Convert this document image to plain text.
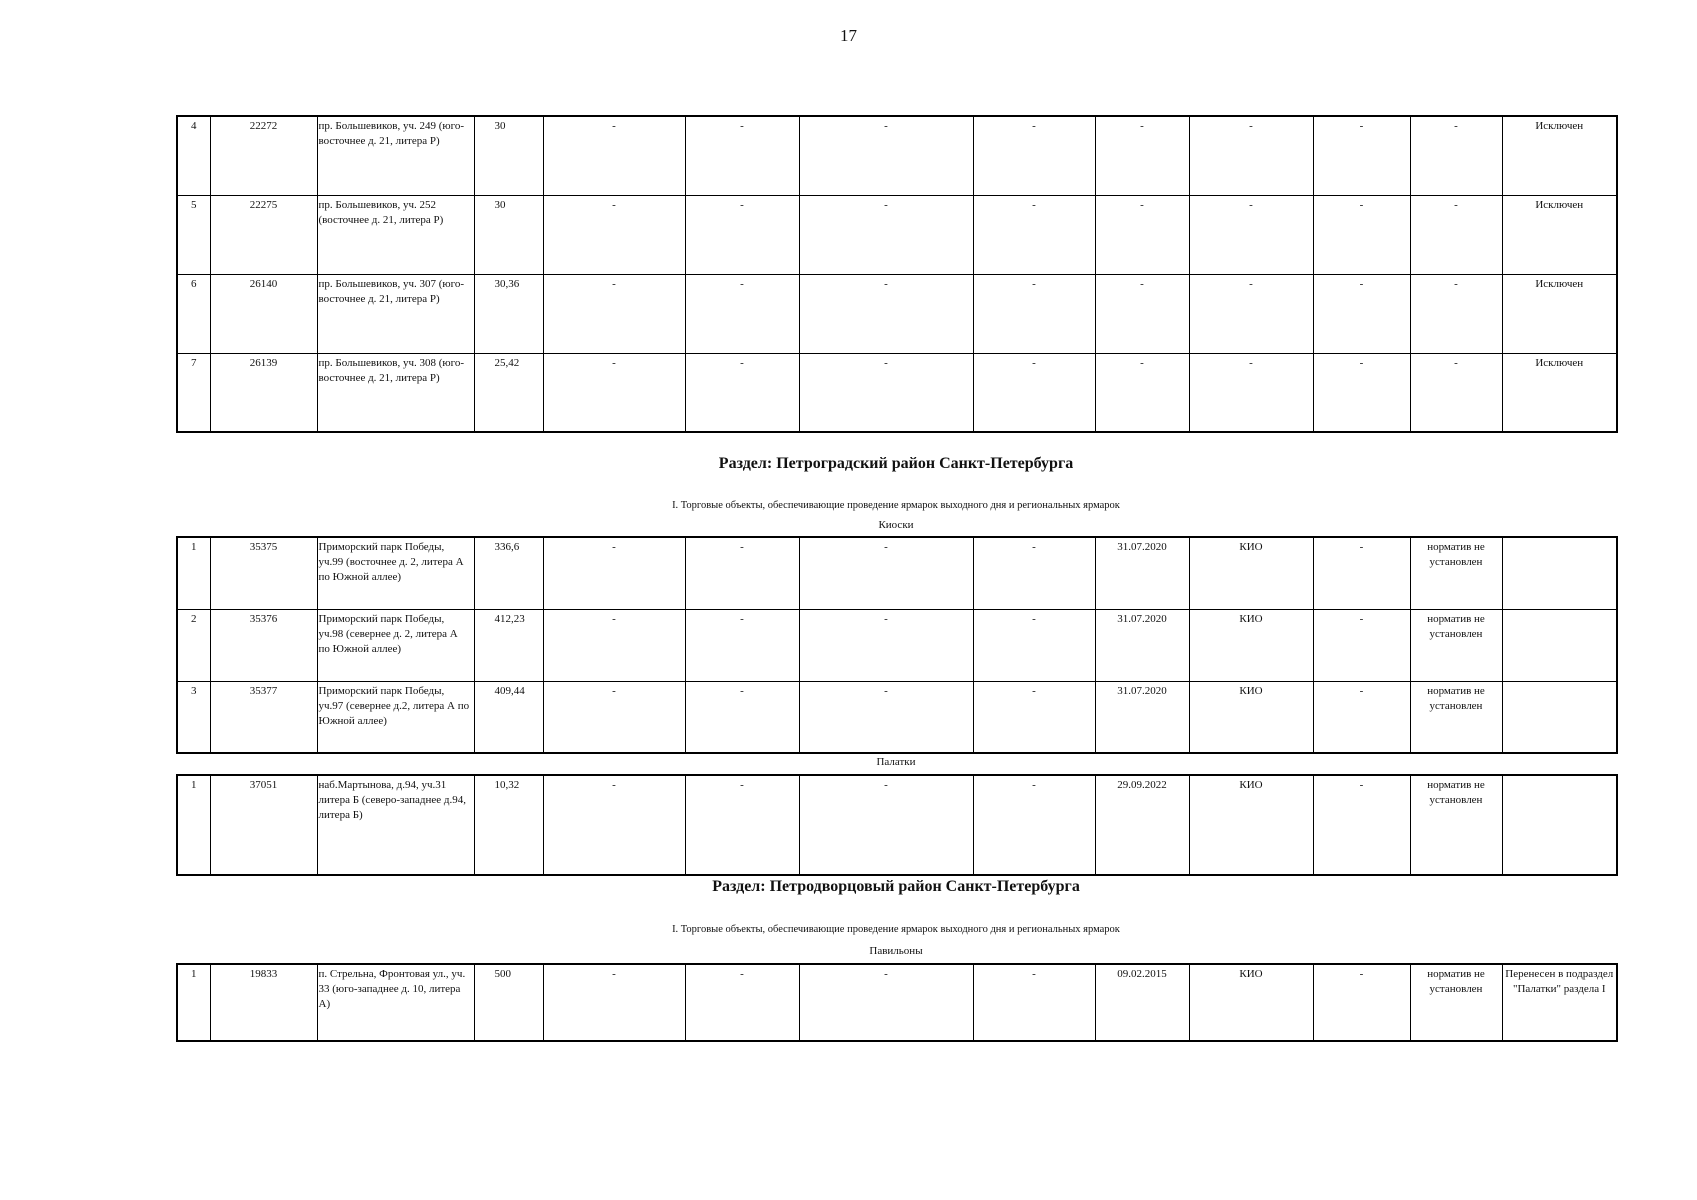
17
4	22272	пр. Большевиков, уч. 249 (юго-восточнее д. 21, литера Р)	30	-	-	-	-	-	-	-	-	Исключен
5	22275	пр. Большевиков, уч. 252 (восточнее д. 21, литера Р)	30	-	-	-	-	-	-	-	-	Исключен
6	26140	пр. Большевиков, уч. 307 (юго-восточнее д. 21, литера Р)	30,36	-	-	-	-	-	-	-	-	Исключен
7	26139	пр. Большевиков, уч. 308 (юго-восточнее д. 21, литера Р)	25,42	-	-	-	-	-	-	-	-	Исключен
Раздел: Петроградский район Санкт-Петербурга
I. Торговые объекты, обеспечивающие проведение ярмарок выходного дня и региональных ярмарок
Киоски
1	35375	Приморский парк Победы, уч.99 (восточнее д. 2, литера А по Южной аллее)	336,6	-	-	-	-	31.07.2020	КИО	-	норматив не установлен	
2	35376	Приморский парк Победы, уч.98 (севернее д. 2, литера А по Южной аллее)	412,23	-	-	-	-	31.07.2020	КИО	-	норматив не установлен	
3	35377	Приморский парк Победы, уч.97 (севернее д.2, литера А по Южной аллее)	409,44	-	-	-	-	31.07.2020	КИО	-	норматив не установлен	
Палатки
1	37051	наб.Мартынова, д.94, уч.31 литера Б (северо-западнее д.94, литера Б)	10,32	-	-	-	-	29.09.2022	КИО	-	норматив не установлен	
Раздел: Петродворцовый район Санкт-Петербурга
I. Торговые объекты, обеспечивающие проведение ярмарок выходного дня и региональных ярмарок
Павильоны
1	19833	п. Стрельна, Фронтовая ул., уч. 33 (юго-западнее д. 10, литера А)	500	-	-	-	-	09.02.2015	КИО	-	норматив не установлен	Перенесен в подраздел "Палатки" раздела I
